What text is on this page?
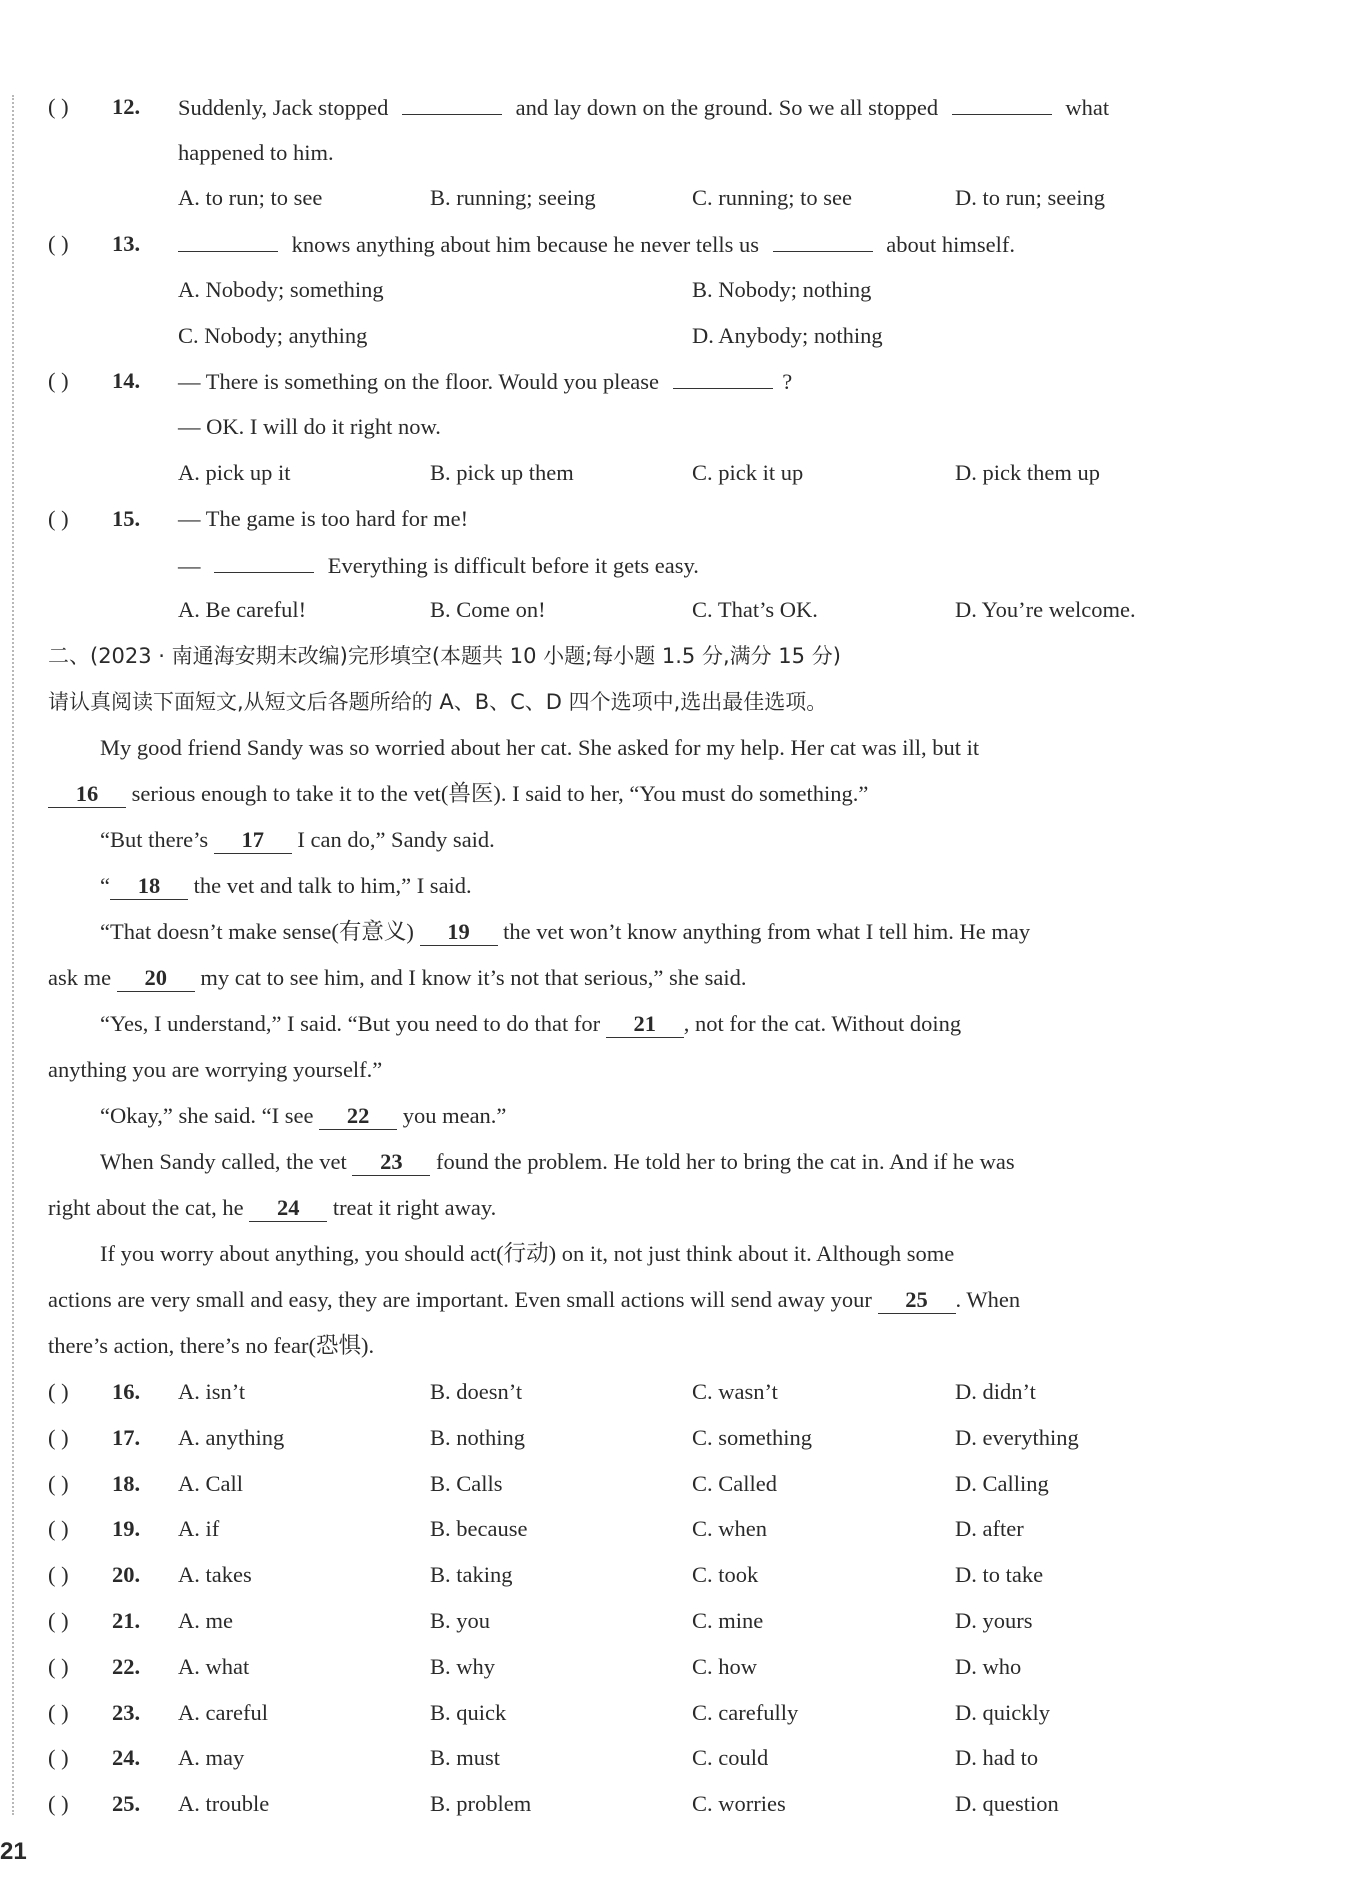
( ) 12. Suddenly, Jack stopped	and lay down on the ground. So we all stopped	what
happened to him.
A. to run; to see	B. running; seeing	C. running; to see	D. to run; seeing
( ) 13.	knows anything about him because he never tells us	about himself.
A. Nobody; something	B. Nobody; nothing
C. Nobody; anything	D. Anybody; nothing
( ) 14. — There is something on the floor. Would you please	?
— OK. I will do it right now.
A. pick up it	B. pick up them	C. pick it up	D. pick them up
( ) 15. — The game is too hard for me!
—	Everything is difficult before it gets easy.
A. Be careful!	B. Come on!	C. That’s OK.	D. You’re welcome.
二、(2023 · 南通海安期末改编)完形填空(本题共 10 小题;每小题 1.5 分,满分 15 分)
请认真阅读下面短文,从短文后各题所给的 A、B、C、D 四个选项中,选出最佳选项。
My good friend Sandy was so worried about her cat. She asked for my help. Her cat was ill, but it
16 serious enough to take it to the vet(兽医). I said to her, “You must do something.”
“But there’s 17 I can do,” Sandy said.
“ 18 the vet and talk to him,” I said.
“That doesn’t make sense(有意义) 19 the vet won’t know anything from what I tell him. He may
ask me 20 my cat to see him, and I know it’s not that serious,” she said.
“Yes, I understand,” I said. “But you need to do that for 21 , not for the cat. Without doing
anything you are worrying yourself.”
“Okay,” she said. “I see 22 you mean.”
When Sandy called, the vet 23 found the problem. He told her to bring the cat in. And if he was
right about the cat, he 24 treat it right away.
If you worry about anything, you should act(行动) on it, not just think about it. Although some
actions are very small and easy, they are important. Even small actions will send away your 25 . When
there’s action, there’s no fear(恐惧).
( ) 16. A. isn’t	B. doesn’t	C. wasn’t	D. didn’t
( ) 17. A. anything	B. nothing	C. something	D. everything
( ) 18. A. Call	B. Calls	C. Called	D. Calling
( ) 19. A. if	B. because	C. when	D. after
( ) 20. A. takes	B. taking	C. took	D. to take
( ) 21. A. me	B. you	C. mine	D. yours
( ) 22. A. what	B. why	C. how	D. who
( ) 23. A. careful	B. quick	C. carefully	D. quickly
( ) 24. A. may	B. must	C. could	D. had to
( ) 25. A. trouble	B. problem	C. worries	D. question
21
